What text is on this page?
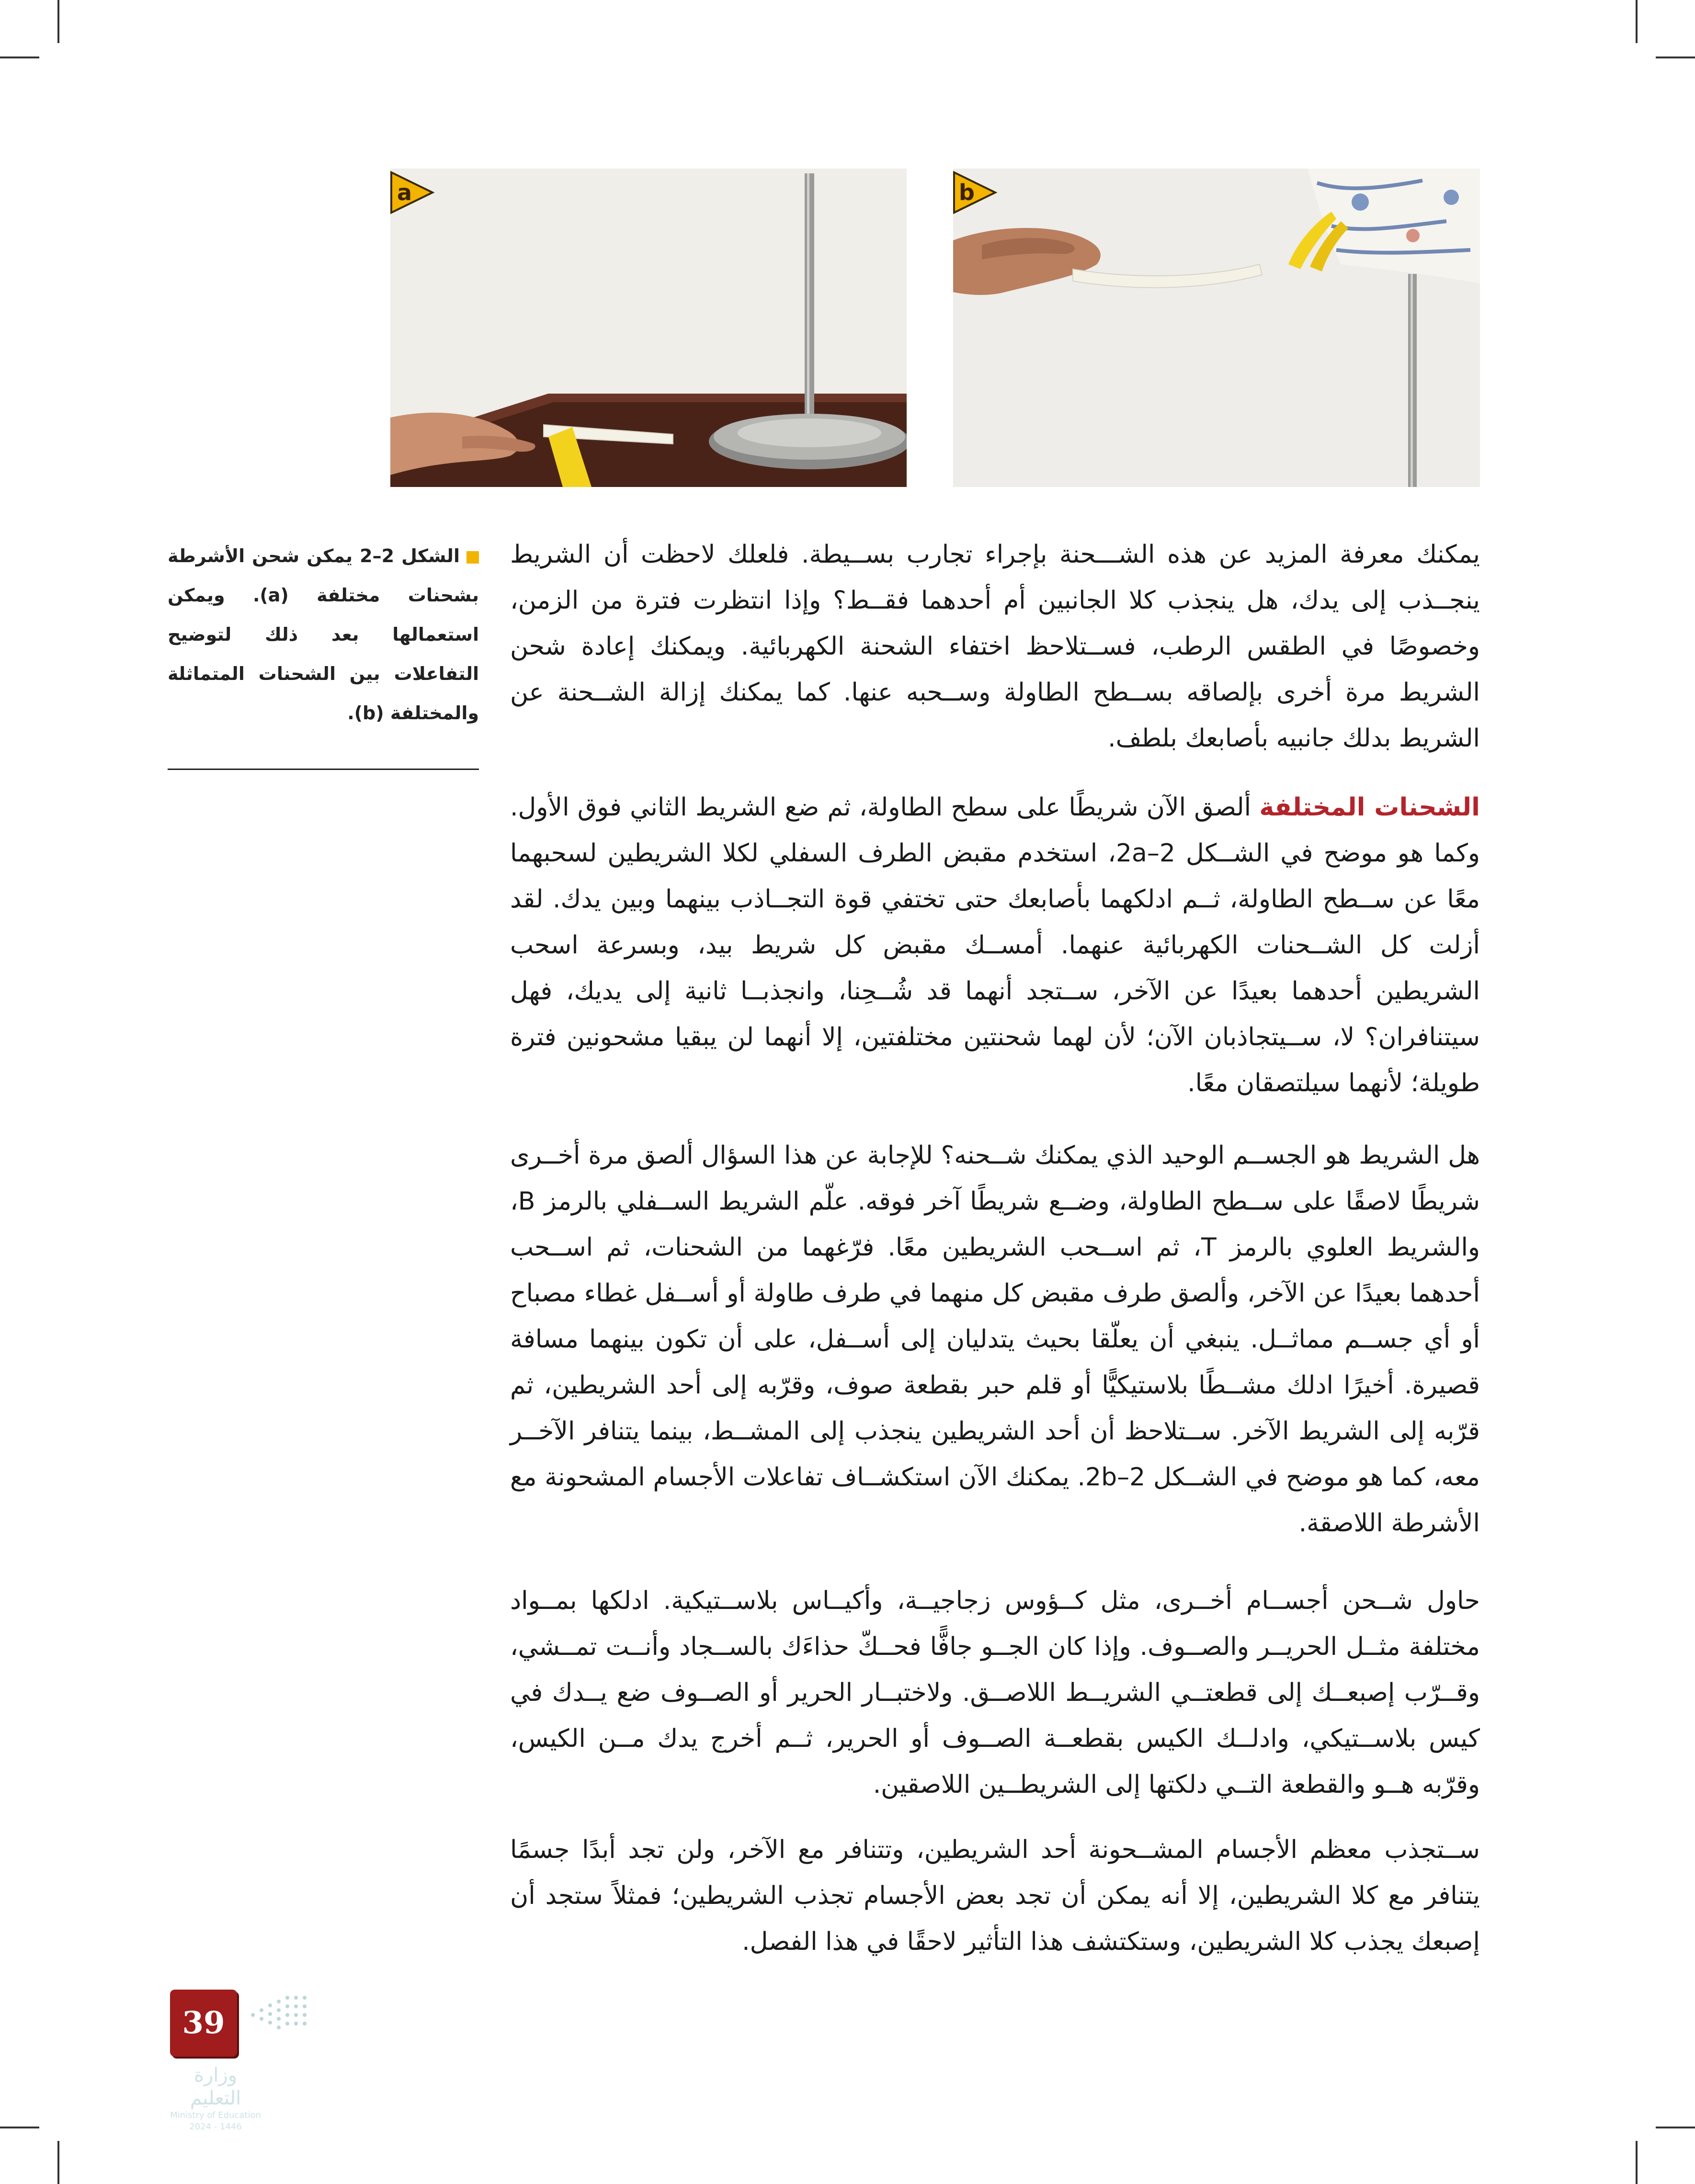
a	b
الشكل 2–2 يمكن شحن الأشرطة بشحنات مختلفة (a). ويمكن استعمالها بعد ذلك لتوضيح التفاعلات بين الشحنات المتماثلة والمختلفة (b).

يمكنك معرفة المزيد عن هذه الشـــحنة بإجراء تجارب بســيطة. فلعلك لاحظت أن الشريط ينجــذب إلى يدك، هل ينجذب كلا الجانبين أم أحدهما فقــط؟ وإذا انتظرت فترة من الزمن، وخصوصًا في الطقس الرطب، فســتلاحظ اختفاء الشحنة الكهربائية. ويمكنك إعادة شحن الشريط مرة أخرى بإلصاقه بســطح الطاولة وســحبه عنها. كما يمكنك إزالة الشــحنة عن الشريط بدلك جانبيه بأصابعك بلطف.

الشحنات المختلفة ألصق الآن شريطًا على سطح الطاولة، ثم ضع الشريط الثاني فوق الأول. وكما هو موضح في الشــكل 2a–2، استخدم مقبض الطرف السفلي لكلا الشريطين لسحبهما معًا عن ســطح الطاولة، ثــم ادلكهما بأصابعك حتى تختفي قوة التجــاذب بينهما وبين يدك. لقد أزلت كل الشــحنات الكهربائية عنهما. أمســك مقبض كل شريط بيد، وبسرعة اسحب الشريطين أحدهما بعيدًا عن الآخر، ســتجد أنهما قد شُــحِنا، وانجذبــا ثانية إلى يديك، فهل سيتنافران؟ لا، ســيتجاذبان الآن؛ لأن لهما شحنتين مختلفتين، إلا أنهما لن يبقيا مشحونين فترة طويلة؛ لأنهما سيلتصقان معًا.

هل الشريط هو الجســم الوحيد الذي يمكنك شــحنه؟ للإجابة عن هذا السؤال ألصق مرة أخــرى شريطًا لاصقًا على ســطح الطاولة، وضــع شريطًا آخر فوقه. علّم الشريط الســفلي بالرمز B، والشريط العلوي بالرمز T، ثم اســحب الشريطين معًا. فرّغهما من الشحنات، ثم اســحب أحدهما بعيدًا عن الآخر، وألصق طرف مقبض كل منهما في طرف طاولة أو أســفل غطاء مصباح أو أي جســم مماثــل. ينبغي أن يعلّقا بحيث يتدليان إلى أســفل، على أن تكون بينهما مسافة قصيرة. أخيرًا ادلك مشــطًا بلاستيكيًّا أو قلم حبر بقطعة صوف، وقرّبه إلى أحد الشريطين، ثم قرّبه إلى الشريط الآخر. ســتلاحظ أن أحد الشريطين ينجذب إلى المشــط، بينما يتنافر الآخــر معه، كما هو موضح في الشــكل 2b–2. يمكنك الآن استكشــاف تفاعلات الأجسام المشحونة مع الأشرطة اللاصقة.

حاول شــحن أجســام أخــرى، مثل كــؤوس زجاجيــة، وأكيــاس بلاســتيكية. ادلكها بمــواد مختلفة مثــل الحريــر والصــوف. وإذا كان الجــو جافًّا فحــكّ حذاءَك بالســجاد وأنــت تمــشي، وقــرّب إصبعــك إلى قطعتــي الشريــط اللاصــق. ولاختبــار الحرير أو الصــوف ضع يــدك في كيس بلاســتيكي، وادلــك الكيس بقطعــة الصــوف أو الحرير، ثــم أخرج يدك مــن الكيس، وقرّبه هــو والقطعة التــي دلكتها إلى الشريطــين اللاصقين.

ســتجذب معظم الأجسام المشــحونة أحد الشريطين، وتتنافر مع الآخر، ولن تجد أبدًا جسمًا يتنافر مع كلا الشريطين، إلا أنه يمكن أن تجد بعض الأجسام تجذب الشريطين؛ فمثلاً ستجد أن إصبعك يجذب كلا الشريطين، وستكتشف هذا التأثير لاحقًا في هذا الفصل.

39
وزارة التعليم
Ministry of Education
2024 - 1446
